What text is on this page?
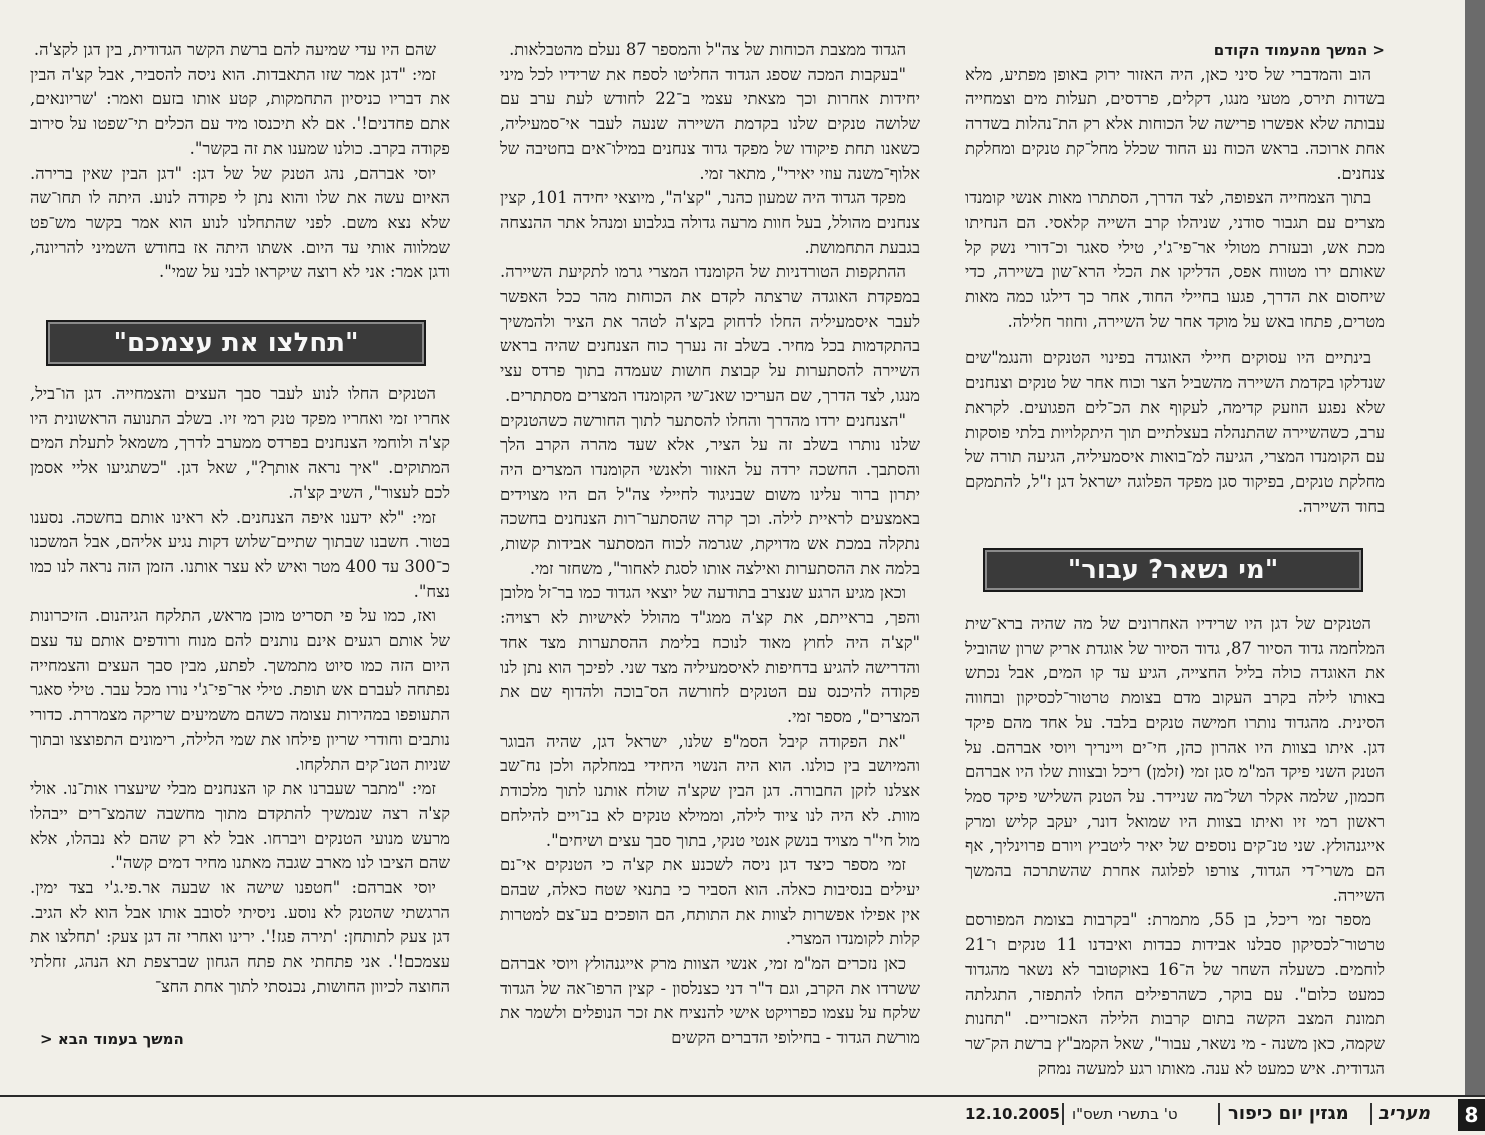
< המשך מהעמוד הקודם

הוב והמדברי של סיני כאן, היה האזור ירוק באופן מפתיע, מלא בשדות תירס, מטעי מנגו, דקלים, פרדסים, תעלות מים וצמחייה עבותה שלא אפשרו פרישה של הכוחות אלא רק הת־נהלות בשדרה אחת ארוכה. בראש הכוח נע החוד שכלל מחל־קת טנקים ומחלקת צנחנים.

בתוך הצמחייה הצפופה, לצד הדרך, הסתתרו מאות אנשי קומנדו מצרים עם תגבור סודני, שניהלו קרב השייה קלאסי. הם הנחיתו מכת אש, ובעזרת מטולי אר־פי־ג'י, טילי סאגר וכ־דורי נשק קל שאותם ירו מטווח אפס, הדליקו את הכלי הרא־שון בשיירה, כדי שיחסום את הדרך, פגעו בחיילי החוד, אחר כך דילגו כמה מאות מטרים, פתחו באש על מוקד אחר של השיירה, וחוזר חלילה.

בינתיים היו עסוקים חיילי האוגדה בפינוי הטנקים והנגמ"שים שנדלקו בקדמת השיירה מהשביל הצר וכוח אחר של טנקים וצנחנים שלא נפגע הוזעק קדימה, לעקוף את הכ־לים הפגועים. לקראת ערב, כשהשיירה שהתנהלה בעצלתיים תוך היתקלויות בלתי פוסקות עם הקומנדו המצרי, הגיעה למ־בואות איסמעיליה, הגיעה תורה של מחלקת טנקים, בפיקוד סגן מפקד הפלוגה ישראל דגן ז"ל, להתמקם בחוד השיירה.

"מי נשאר? עבור"

הטנקים של דגן היו שרידיו האחרונים של מה שהיה ברא־שית המלחמה גדוד הסיור 87, גדוד הסיור של אוגדת אריק שרון שהוביל את האוגדה כולה בליל החצייה, הגיע עד קו המים, אבל נכתש באותו לילה בקרב העקוב מדם בצומת טרטור־לכסיקון ובחווה הסינית. מהגדוד נותרו חמישה טנקים בלבד. על אחד מהם פיקד דגן. איתו בצוות היו אהרון כהן, חי־ים ויינריך ויוסי אברהם. על הטנק השני פיקד המ"מ סגן זמי (זלמן) ריכל ובצוות שלו היו אברהם חכמון, שלמה אקלר ושל־מה שניידר. על הטנק השלישי פיקד סמל ראשון רמי זיו ואיתו בצוות היו שמואל דונר, יעקב קליש ומרק אייגנהולץ. שני טנ־קים נוספים של יאיר ליטביץ ויורם פרוינליך, אף הם משרי־די הגדוד, צורפו לפלוגה אחרת שהשתרכה בהמשך השיירה.

מספר זמי ריכל, בן 55, מתמרת: "בקרבות בצומת המפורסם טרטור־לכסיקון סבלנו אבידות כבדות ואיבדנו 11 טנקים ו־21 לוחמים. כשעלה השחר של ה־16 באוקטובר לא נשאר מהגדוד כמעט כלום". עם בוקר, כשהרפילים החלו להתפזר, התגלתה תמונת המצב הקשה בתום קרבות הלילה האכזריים. "תחנות שקמה, כאן משנה - מי נשאר, עבור", שאל הקמב"ץ ברשת הק־שר הגדודית. איש כמעט לא ענה. מאותו רגע למעשה נמחק

הגדוד ממצבת הכוחות של צה"ל והמספר 87 נעלם מהטבלאות.

"בעקבות המכה שספג הגדוד החליטו לספח את שרידיו לכל מיני יחידות אחרות וכך מצאתי עצמי ב־22 לחודש לעת ערב עם שלושה טנקים שלנו בקדמת השיירה שנעה לעבר אי־סמעיליה, כשאנו תחת פיקודו של מפקד גדוד צנחנים במילו־אים בחטיבה של אלוף־משנה עוזי יאירי", מתאר זמי.

מפקד הגדוד היה שמעון כהנר, "קצ'ה", מיוצאי יחידה 101, קצין צנחנים מהולל, בעל חוות מרעה גדולה בגלבוע ומנהל אתר ההנצחה בגבעת התחמושת.

ההתקפות הטורדניות של הקומנדו המצרי גרמו לתקיעת השיירה. במפקדת האוגדה שרצתה לקדם את הכוחות מהר ככל האפשר לעבר איסמעיליה החלו לדחוק בקצ'ה לטהר את הציר ולהמשיך בהתקדמות בכל מחיר. בשלב זה נערך כוח הצנחנים שהיה בראש השיירה להסתערות על קבוצת חושות שעמדה בתוך פרדס עצי מנגו, לצד הדרך, שם העריכו שאנ־שי הקומנדו המצרים מסתתרים.

"הצנחנים ירדו מהדרך והחלו להסתער לתוך החורשה כשהטנקים שלנו נותרו בשלב זה על הציר, אלא שעד מהרה הקרב הלך והסתבך. החשכה ירדה על האזור ולאנשי הקומנדו המצרים היה יתרון ברור עלינו משום שבניגוד לחיילי צה"ל הם היו מצוידים באמצעים לראיית לילה. וכך קרה שהסתער־רות הצנחנים בחשכה נתקלה במכת אש מדויקת, שגרמה לכוח המסתער אבידות קשות, בלמה את ההסתערות ואילצה אותו לסגת לאחור", משחזר זמי.

וכאן מגיע הרגע שנצרב בתודעה של יוצאי הגדוד כמו בר־זל מלובן והפך, בראייתם, את קצ'ה ממג"ד מהולל לאישיות לא רצויה: "קצ'ה היה לחוץ מאוד לנוכח בלימת ההסתערות מצד אחד והדרישה להגיע בדחיפות לאיסמעיליה מצד שני. לפיכך הוא נתן לנו פקודה להיכנס עם הטנקים לחורשה הס־בוכה ולהדוף שם את המצרים", מספר זמי.

"את הפקודה קיבל הסמ"פ שלנו, ישראל דגן, שהיה הבוגר והמיושב בין כולנו. הוא היה הנשוי היחידי במחלקה ולכן נח־שב אצלנו לזקן החבורה. דגן הבין שקצ'ה שולח אותנו לתוך מלכודת מוות. לא היה לנו ציוד לילה, וממילא טנקים לא בנ־ויים להילחם מול חי"ר מצויד בנשק אנטי טנקי, בתוך סבך עצים ושיחים".

זמי מספר כיצד דגן ניסה לשכנע את קצ'ה כי הטנקים אי־נם יעילים בנסיבות כאלה. הוא הסביר כי בתנאי שטח כאלה, שבהם אין אפילו אפשרות לצוות את התותח, הם הופכים בע־צם למטרות קלות לקומנדו המצרי.

כאן נזכרים המ"מ זמי, אנשי הצוות מרק אייגנהולץ ויוסי אברהם ששרדו את הקרב, וגם ד"ר דני כצנלסון - קצין הרפו־אה של הגדוד שלקח על עצמו כפרויקט אישי להנציח את זכר הנופלים ולשמר את מורשת הגדוד - בחילופי הדברים הקשים

שהם היו עדי שמיעה להם ברשת הקשר הגדודית, בין דגן לקצ'ה.

זמי: "דגן אמר שזו התאבדות. הוא ניסה להסביר, אבל קצ'ה הבין את דבריו כניסיון התחמקות, קטע אותו בזעם ואמר: 'שריונאים, אתם פחדנים!'. אם לא תיכנסו מיד עם הכלים תי־שפטו על סירוב פקודה בקרב. כולנו שמענו את זה בקשר".

יוסי אברהם, נהג הטנק של של דגן: "דגן הבין שאין ברירה. האיום עשה את שלו והוא נתן לי פקודה לנוע. היתה לו תחו־שה שלא נצא משם. לפני שהתחלנו לנוע הוא אמר בקשר מש־פט שמלווה אותי עד היום. אשתו היתה אז בחודש השמיני להריונה, ודגן אמר: אני לא רוצה שיקראו לבני על שמי".

"תחלצו את עצמכם"

הטנקים החלו לנוע לעבר סבך העצים והצמחייה. דגן הו־ביל, אחריו זמי ואחריו מפקד טנק רמי זיו. בשלב התנועה הראשונית היו קצ'ה ולוחמי הצנחנים בפרדס ממערב לדרך, משמאל לתעלת המים המתוקים. "איך נראה אותך?", שאל דגן. "כשתגיעו אליי אסמן לכם לעצור", השיב קצ'ה.

זמי: "לא ידענו איפה הצנחנים. לא ראינו אותם בחשכה. נסענו בטור. חשבנו שבתוך שתיים־שלוש דקות נגיע אליהם, אבל המשכנו כ־300 עד 400 מטר ואיש לא עצר אותנו. הזמן הזה נראה לנו כמו נצח".

ואז, כמו על פי תסריט מוכן מראש, התלקח הגיהנום. הזיכרונות של אותם רגעים אינם נותנים להם מנוח ורודפים אותם עד עצם היום הזה כמו סיוט מתמשך. לפתע, מבין סבך העצים והצמחייה נפתחה לעברם אש תופת. טילי אר־פי־ג'י נורו מכל עבר. טילי סאגר התעופפו במהירות עצומה כשהם משמיעים שריקה מצמררת. כדורי נותבים וחודרי שריון פילחו את שמי הלילה, רימונים התפוצצו ובתוך שניות הטנ־קים התלקחו.

זמי: "מתבר שעברנו את קו הצנחנים מבלי שיעצרו אות־נו. אולי קצ'ה רצה שנמשיך להתקדם מתוך מחשבה שהמצ־רים ייבהלו מרעש מנועי הטנקים ויברחו. אבל לא רק שהם לא נבהלו, אלא שהם הציבו לנו מארב שגבה מאתנו מחיר דמים קשה".

יוסי אברהם: "חטפנו שישה או שבעה אר.פי.ג'י בצד ימין. הרגשתי שהטנק לא נוסע. ניסיתי לסובב אותו אבל הוא לא הגיב. דגן צעק לתותחן: 'תירה פגז!'. ירינו ואחרי זה דגן צעק: 'תחלצו את עצמכם!'. אני פתחתי את פתח הגחון שברצפת תא הנהג, זחלתי החוצה לכיוון החושות, נכנסתי לתוך אחת החצ־

המשך בעמוד הבא <
8
מעריב
מגזין יום כיפור
ט' בתשרי תשס"ו
12.10.2005
